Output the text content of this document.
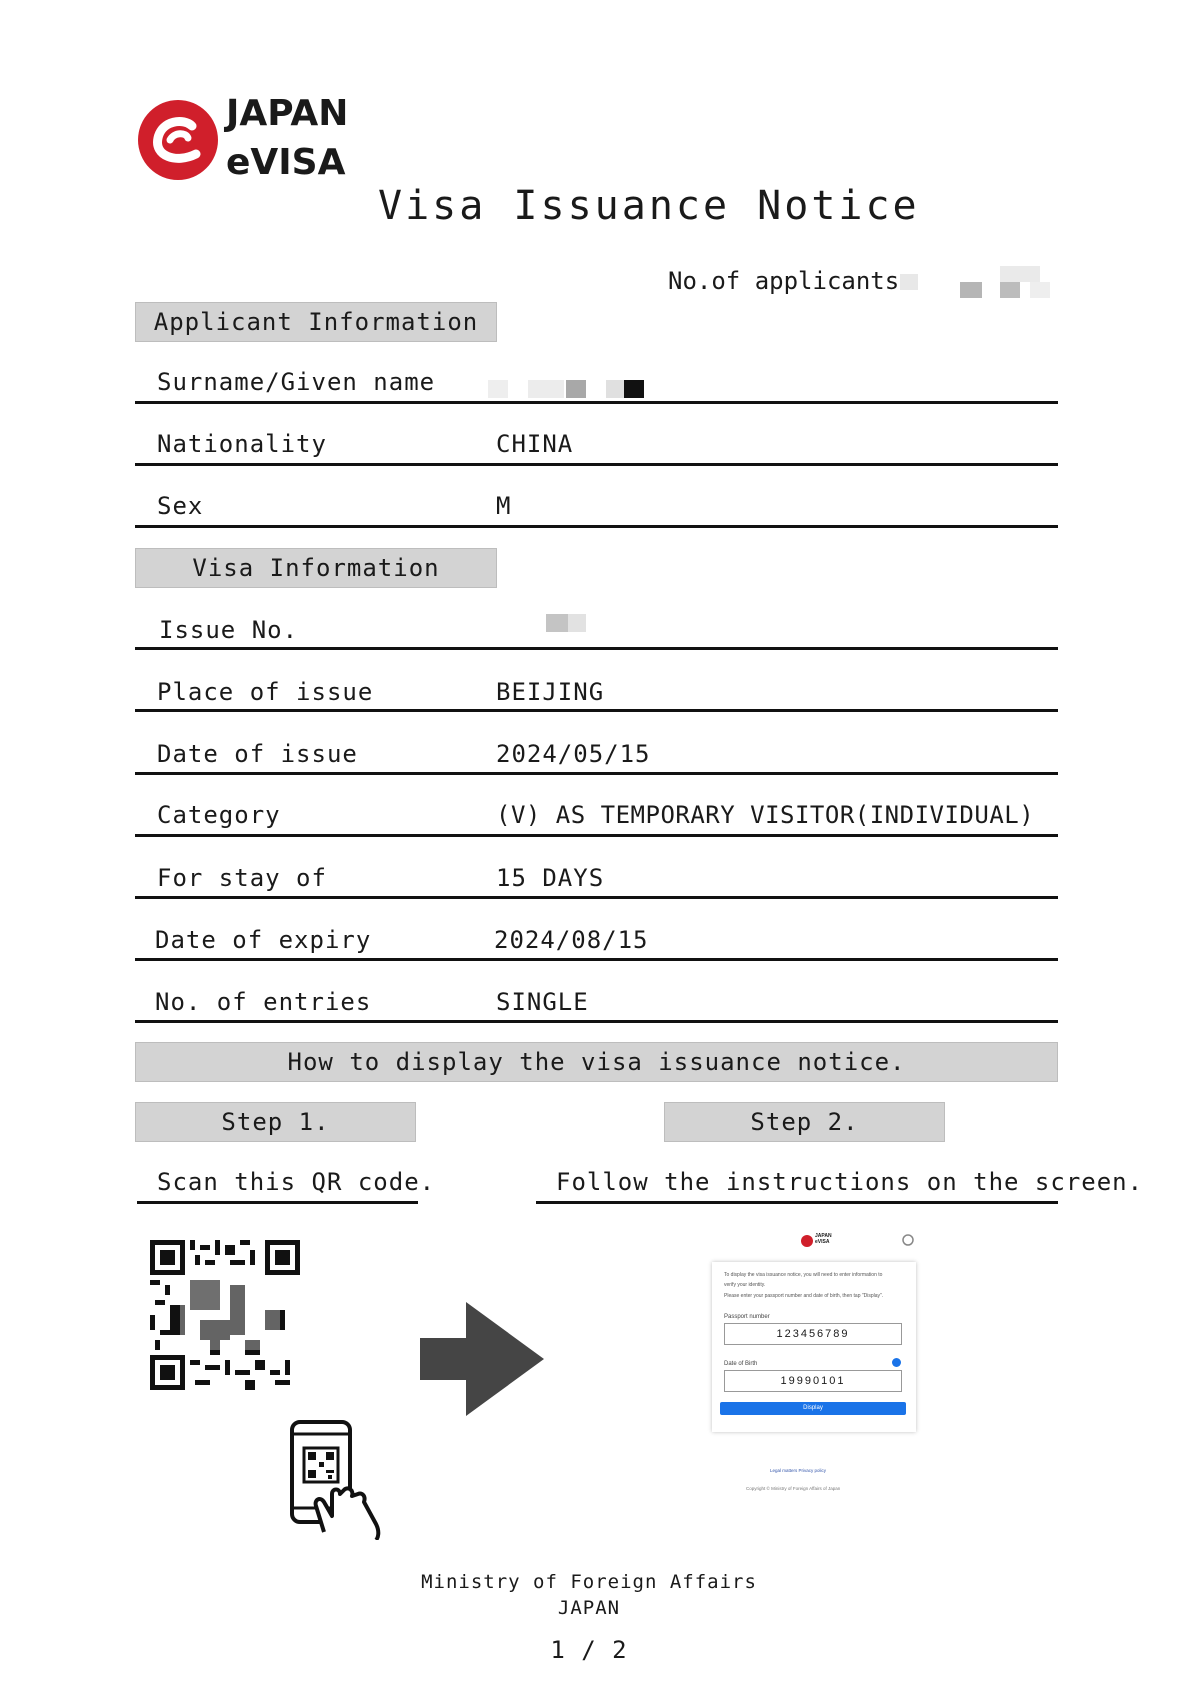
JAPAN
eVISA
Visa Issuance Notice
No.of applicants
Applicant Information
Surname/Given name
Nationality	CHINA
Sex	M
Visa Information
Issue No.
Place of issue	BEIJING
Date of issue	2024/05/15
Category	(V) AS TEMPORARY VISITOR(INDIVIDUAL)
For stay of	15 DAYS
Date of expiry	2024/08/15
No. of entries	SINGLE
How to display the visa issuance notice.
Step 1.	Step 2.
Scan this QR code.	Follow the instructions on the screen.
JAPAN
eVISA
To display the visa issuance notice, you will need to enter information to
verify your identity.
Please enter your passport number and date of birth, then tap "Display".
Passport number
123456789
Date of Birth
19990101
Display
Legal matters Privacy policy
Copyright © Ministry of Foreign Affairs of Japan
Ministry of Foreign Affairs
JAPAN
1 / 2
